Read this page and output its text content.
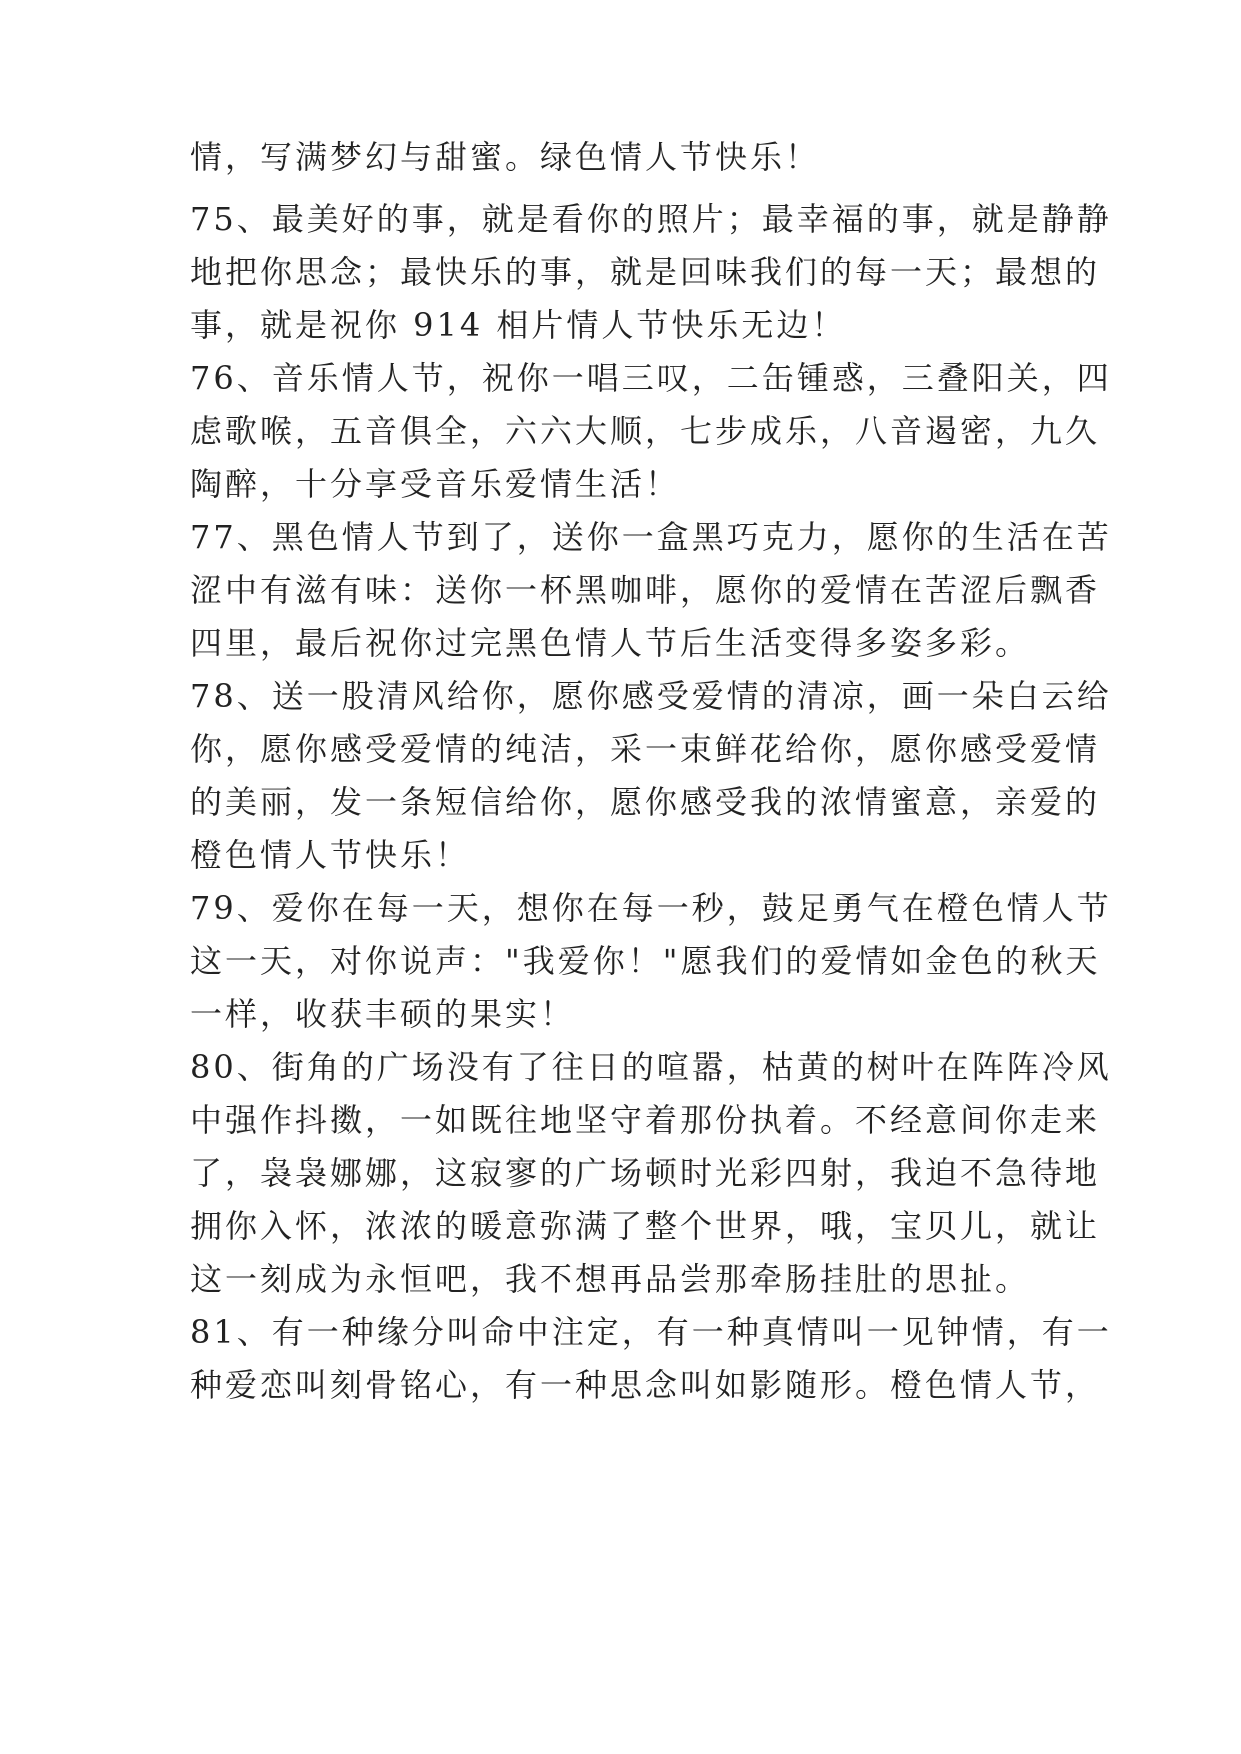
情，写满梦幻与甜蜜。绿色情人节快乐！
75、最美好的事，就是看你的照片；最幸福的事，就是静静
地把你思念；最快乐的事，就是回味我们的每一天；最想的
事，就是祝你 914 相片情人节快乐无边！
76、音乐情人节，祝你一唱三叹，二缶锺惑，三叠阳关，四
虑歌喉，五音俱全，六六大顺，七步成乐，八音遏密，九久
陶醉，十分享受音乐爱情生活！
77、黑色情人节到了，送你一盒黑巧克力，愿你的生活在苦
涩中有滋有味：送你一杯黑咖啡，愿你的爱情在苦涩后飘香
四里，最后祝你过完黑色情人节后生活变得多姿多彩。
78、送一股清风给你，愿你感受爱情的清凉，画一朵白云给
你，愿你感受爱情的纯洁，采一束鲜花给你，愿你感受爱情
的美丽，发一条短信给你，愿你感受我的浓情蜜意，亲爱的
橙色情人节快乐！
79、爱你在每一天，想你在每一秒，鼓足勇气在橙色情人节
这一天，对你说声："我爱你！"愿我们的爱情如金色的秋天
一样，收获丰硕的果实！
80、街角的广场没有了往日的喧嚣，枯黄的树叶在阵阵冷风
中强作抖擞，一如既往地坚守着那份执着。不经意间你走来
了，袅袅娜娜，这寂寥的广场顿时光彩四射，我迫不急待地
拥你入怀，浓浓的暖意弥满了整个世界，哦，宝贝儿，就让
这一刻成为永恒吧，我不想再品尝那牵肠挂肚的思扯。
81、有一种缘分叫命中注定，有一种真情叫一见钟情，有一
种爱恋叫刻骨铭心，有一种思念叫如影随形。橙色情人节，
